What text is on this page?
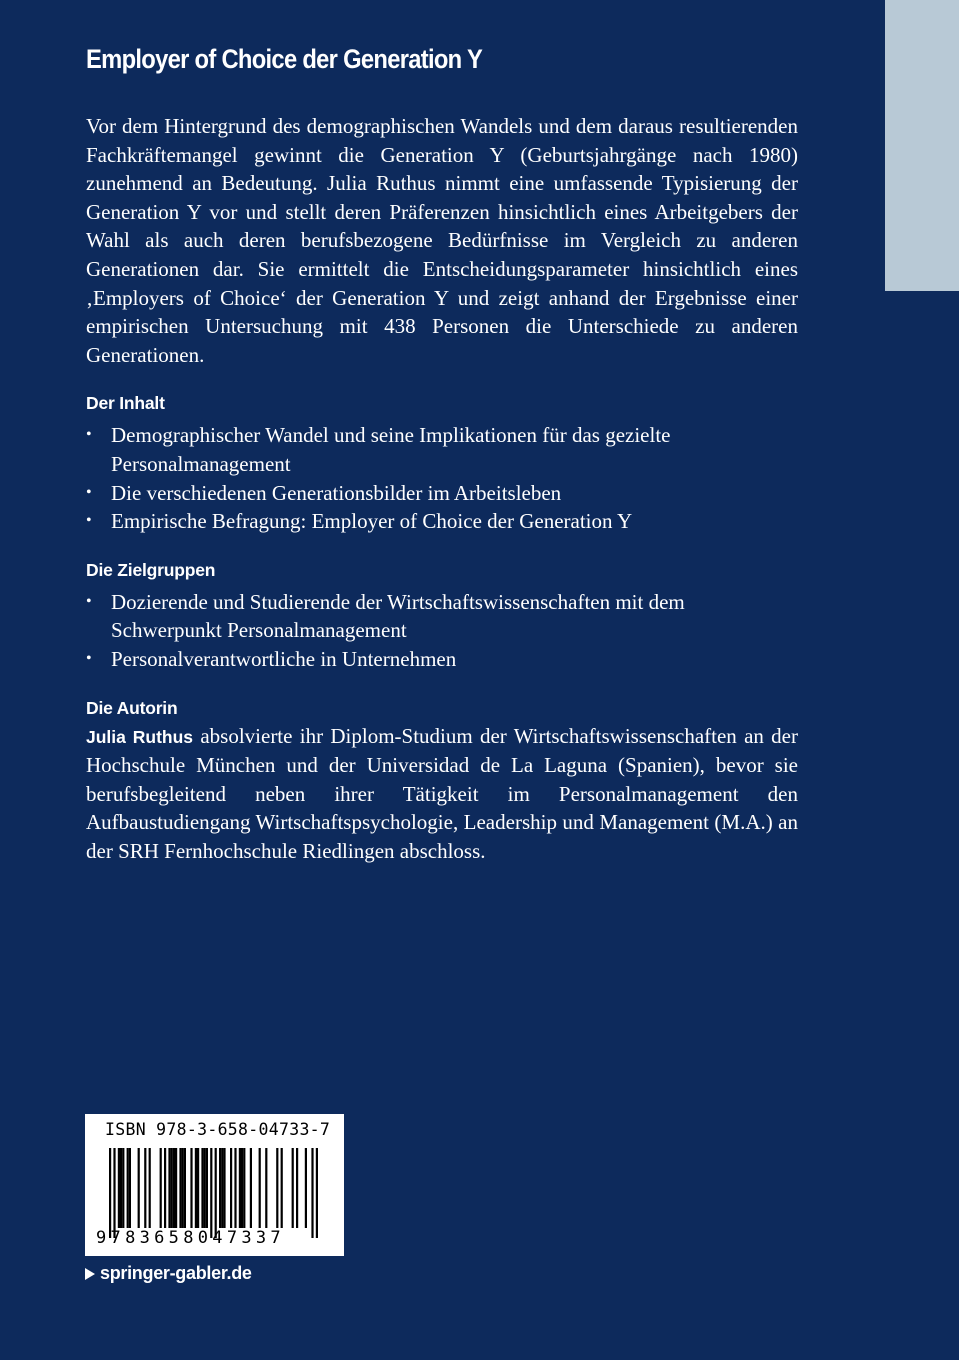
Employer of Choice der Generation Y

Vor dem Hintergrund des demographischen Wandels und dem daraus resultierenden Fachkräftemangel gewinnt die Generation Y (Geburtsjahrgänge nach 1980) zunehmend an Bedeutung. Julia Ruthus nimmt eine umfassende Typisierung der Generation Y vor und stellt deren Präferenzen hinsichtlich eines Arbeitgebers der Wahl als auch deren berufsbezogene Bedürfnisse im Vergleich zu anderen Generationen dar. Sie ermittelt die Entscheidungsparameter hinsichtlich eines ‚Employers of Choice‘ der Generation Y und zeigt anhand der Ergebnisse einer empirischen Untersuchung mit 438 Personen die Unterschiede zu anderen Generationen.

Der Inhalt
• Demographischer Wandel und seine Implikationen für das gezielte Personalmanagement
• Die verschiedenen Generationsbilder im Arbeitsleben
• Empirische Befragung: Employer of Choice der Generation Y
Die Zielgruppen
• Dozierende und Studierende der Wirtschaftswissenschaften mit dem Schwerpunkt Personalmanagement
• Personalverantwortliche in Unternehmen
Die Autorin

Julia Ruthus absolvierte ihr Diplom-Studium der Wirtschaftswissenschaften an der Hochschule München und der Universidad de La Laguna (Spanien), bevor sie berufsbegleitend neben ihrer Tätigkeit im Personalmanagement den Aufbaustudiengang Wirtschaftspsychologie, Leadership und Management (M.A.) an der SRH Fernhochschule Riedlingen abschloss.

ISBN 978-3-658-04733-7
9783658047337
springer-gabler.de
